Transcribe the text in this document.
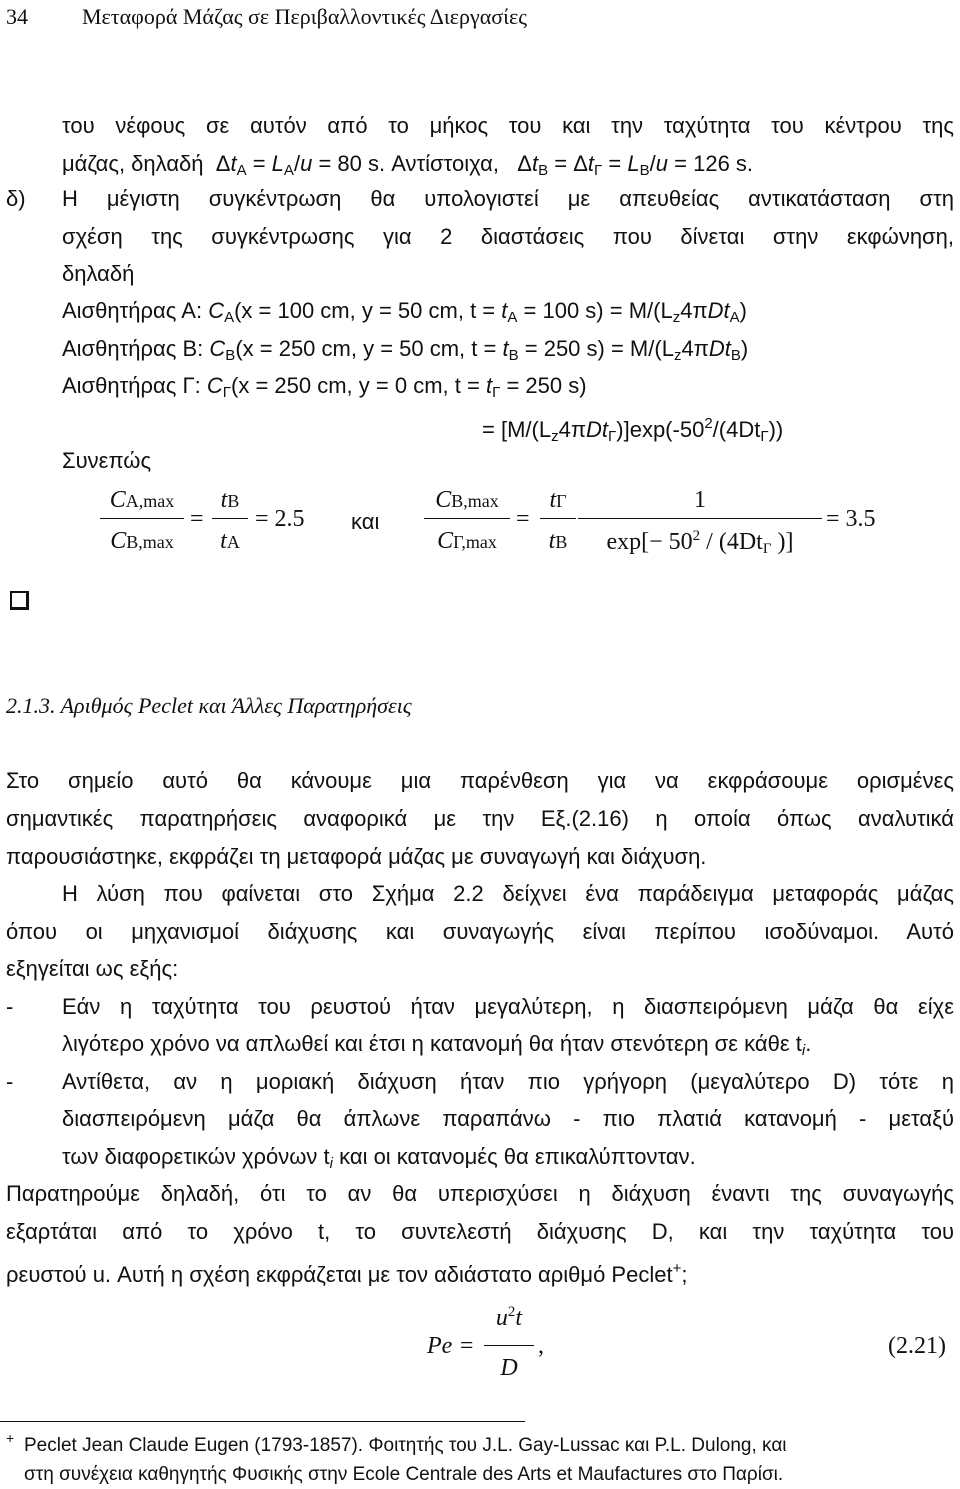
34 Μεταφορά Μάζας σε Περιβαλλοντικές Διεργασίες
του νέφους σε αυτόν από το μήκος του και την ταχύτητα του κέντρου της
μάζας, δηλαδή  $\Delta t_A = L_A/u = 80$ s. Αντίστοιχα,   $\Delta t_B = \Delta t_\Gamma = L_B/u = 126$ s.
δ) Η μέγιστη συγκέντρωση θα υπολογιστεί με απευθείας αντικατάσταση στη
σχέση της συγκέντρωσης για 2 διαστάσεις που δίνεται στην εκφώνηση,
δηλαδή
Αισθητήρας Α: $C_A(x = 100$ cm, y = 50 cm, $t = t_A = 100$ $s) = M/(L_z4\pi Dt_A)$
Αισθητήρας Β: $C_B(x = 250$ cm, y = 50 cm, $t = t_B = 250$ $s) = M/(L_z4\pi Dt_B)$
Αισθητήρας Γ: $C_\Gamma(x = 250$ cm, y = 0 cm, $t = t_\Gamma = 250$ s)
= $[M/(L_z4\pi Dt_\Gamma)]\exp(-50^2/(4Dt_\Gamma))$
Συνεπώς
CA,max
CB,max
=
tB
tA
= 2.5 και
CB,max
CΓ,max
=
tΓ
tB
1
$\exp[- 50^2 / (4Dt_\Gamma$ )]
= 3.5
2.1.3. Αριθμός Peclet και Άλλες Παρατηρήσεις
Στο σημείο αυτό θα κάνουμε μια παρένθεση για να εκφράσουμε ορισμένες
σημαντικές παρατηρήσεις αναφορικά με την Εξ.(2.16) η οποία όπως αναλυτικά
παρουσιάστηκε, εκφράζει τη μεταφορά μάζας με συναγωγή και διάχυση.
Η λύση που φαίνεται στο Σχήμα 2.2 δείχνει ένα παράδειγμα μεταφοράς μάζας
όπου οι μηχανισμοί διάχυσης και συναγωγής είναι περίπου ισοδύναμοι. Αυτό
εξηγείται ως εξής:
- Εάν η ταχύτητα του ρευστού ήταν μεγαλύτερη, η διασπειρόμενη μάζα θα είχε
λιγότερο χρόνο να απλωθεί και έτσι η κατανομή θα ήταν στενότερη σε κάθε $t_i$.
- Αντίθετα, αν η μοριακή διάχυση ήταν πιο γρήγορη (μεγαλύτερο D) τότε η
διασπειρόμενη μάζα θα άπλωνε παραπάνω - πιο πλατιά κατανομή - μεταξύ
των διαφορετικών χρόνων $t_i$ και οι κατανομές θα επικαλύπτονταν.
Παρατηρούμε δηλαδή, ότι το αν θα υπερισχύσει η διάχυση έναντι της συναγωγής
εξαρτάται από το χρόνο t, το συντελεστή διάχυσης D, και την ταχύτητα του
ρευστού u. Αυτή η σχέση εκφράζεται με τον αδιάστατο αριθμό Peclet+;
Pe =
$u^2t$
D
,	(2.21)
+ Peclet Jean Claude Eugen (1793-1857). Φοιτητής του J.L. Gay-Lussac και P.L. Dulong, και
στη συνέχεια καθηγητής Φυσικής στην Ecole Centrale des Arts et Maufactures στο Παρίσι.
